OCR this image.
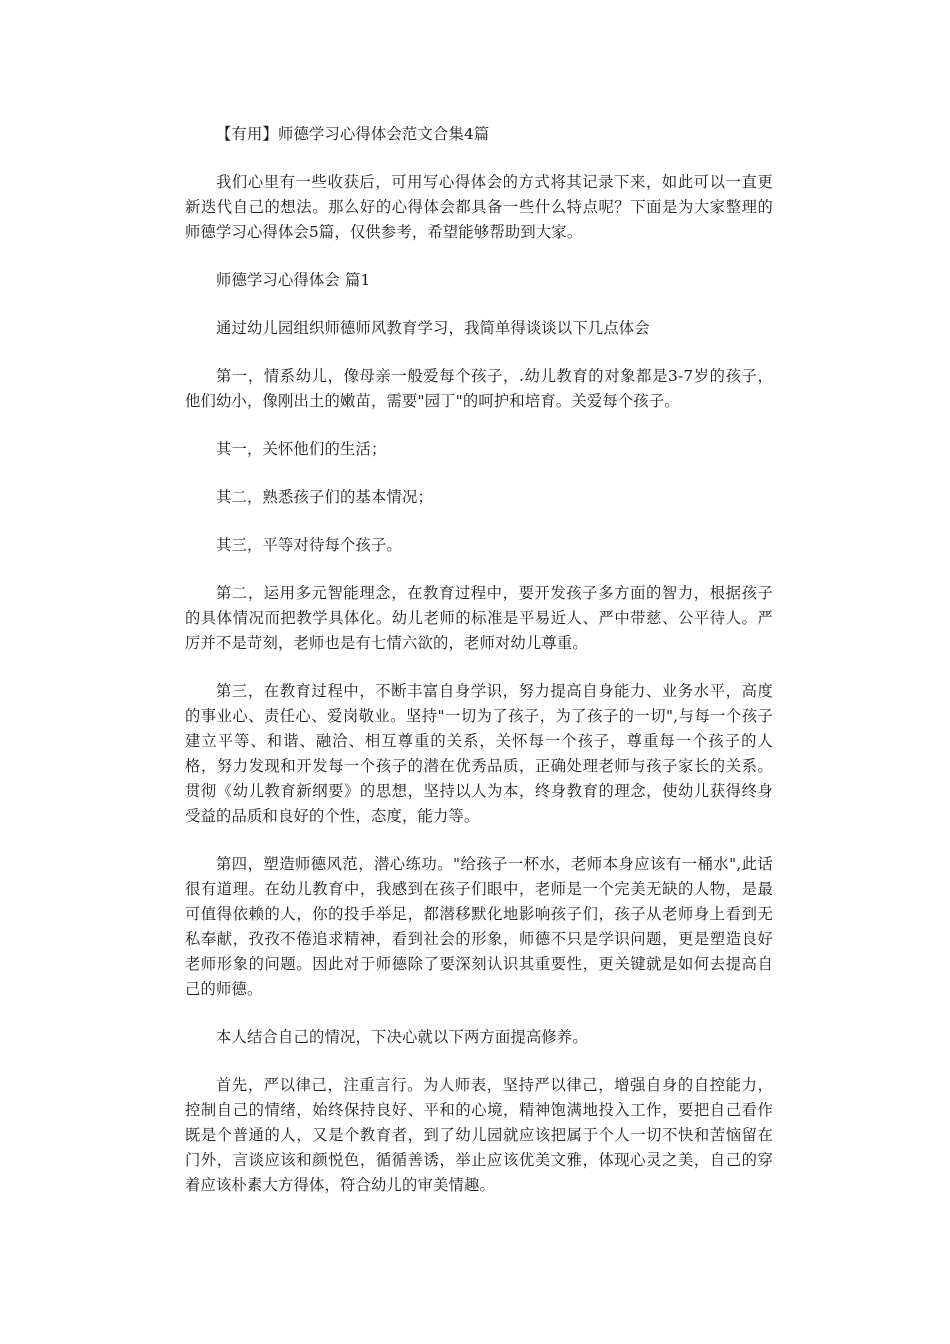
【有用】师德学习心得体会范文合集4篇

我们心里有一些收获后，可用写心得体会的方式将其记录下来，如此可以一直更新迭代自己的想法。那么好的心得体会都具备一些什么特点呢？下面是为大家整理的师德学习心得体会5篇，仅供参考，希望能够帮助到大家。

师德学习心得体会 篇1

通过幼儿园组织师德师风教育学习，我简单得谈谈以下几点体会

第一，情系幼儿，像母亲一般爱每个孩子，.幼儿教育的对象都是3-7岁的孩子，他们幼小，像刚出土的嫩苗，需要"园丁"的呵护和培育。关爱每个孩子。

其一，关怀他们的生活；

其二，熟悉孩子们的基本情况；

其三，平等对待每个孩子。

第二，运用多元智能理念，在教育过程中，要开发孩子多方面的智力，根据孩子的具体情况而把教学具体化。幼儿老师的标准是平易近人、严中带慈、公平待人。严厉并不是苛刻，老师也是有七情六欲的，老师对幼儿尊重。

第三，在教育过程中，不断丰富自身学识，努力提高自身能力、业务水平，高度的事业心、责任心、爱岗敬业。坚持"一切为了孩子，为了孩子的一切",与每一个孩子建立平等、和谐、融洽、相互尊重的关系，关怀每一个孩子，尊重每一个孩子的人格，努力发现和开发每一个孩子的潜在优秀品质，正确处理老师与孩子家长的关系。贯彻《幼儿教育新纲要》的思想，坚持以人为本，终身教育的理念，使幼儿获得终身受益的品质和良好的个性，态度，能力等。

第四，塑造师德风范，潜心练功。"给孩子一杯水，老师本身应该有一桶水",此话很有道理。在幼儿教育中，我感到在孩子们眼中，老师是一个完美无缺的人物，是最可值得依赖的人，你的投手举足，都潜移默化地影响孩子们，孩子从老师身上看到无私奉献，孜孜不倦追求精神，看到社会的形象，师德不只是学识问题，更是塑造良好老师形象的问题。因此对于师德除了要深刻认识其重要性，更关键就是如何去提高自己的师德。

本人结合自己的情况，下决心就以下两方面提高修养。

首先，严以律己，注重言行。为人师表，坚持严以律己，增强自身的自控能力，控制自己的情绪，始终保持良好、平和的心境，精神饱满地投入工作，要把自己看作既是个普通的人，又是个教育者，到了幼儿园就应该把属于个人一切不快和苦恼留在门外，言谈应该和颜悦色，循循善诱，举止应该优美文雅，体现心灵之美，自己的穿着应该朴素大方得体，符合幼儿的审美情趣。
